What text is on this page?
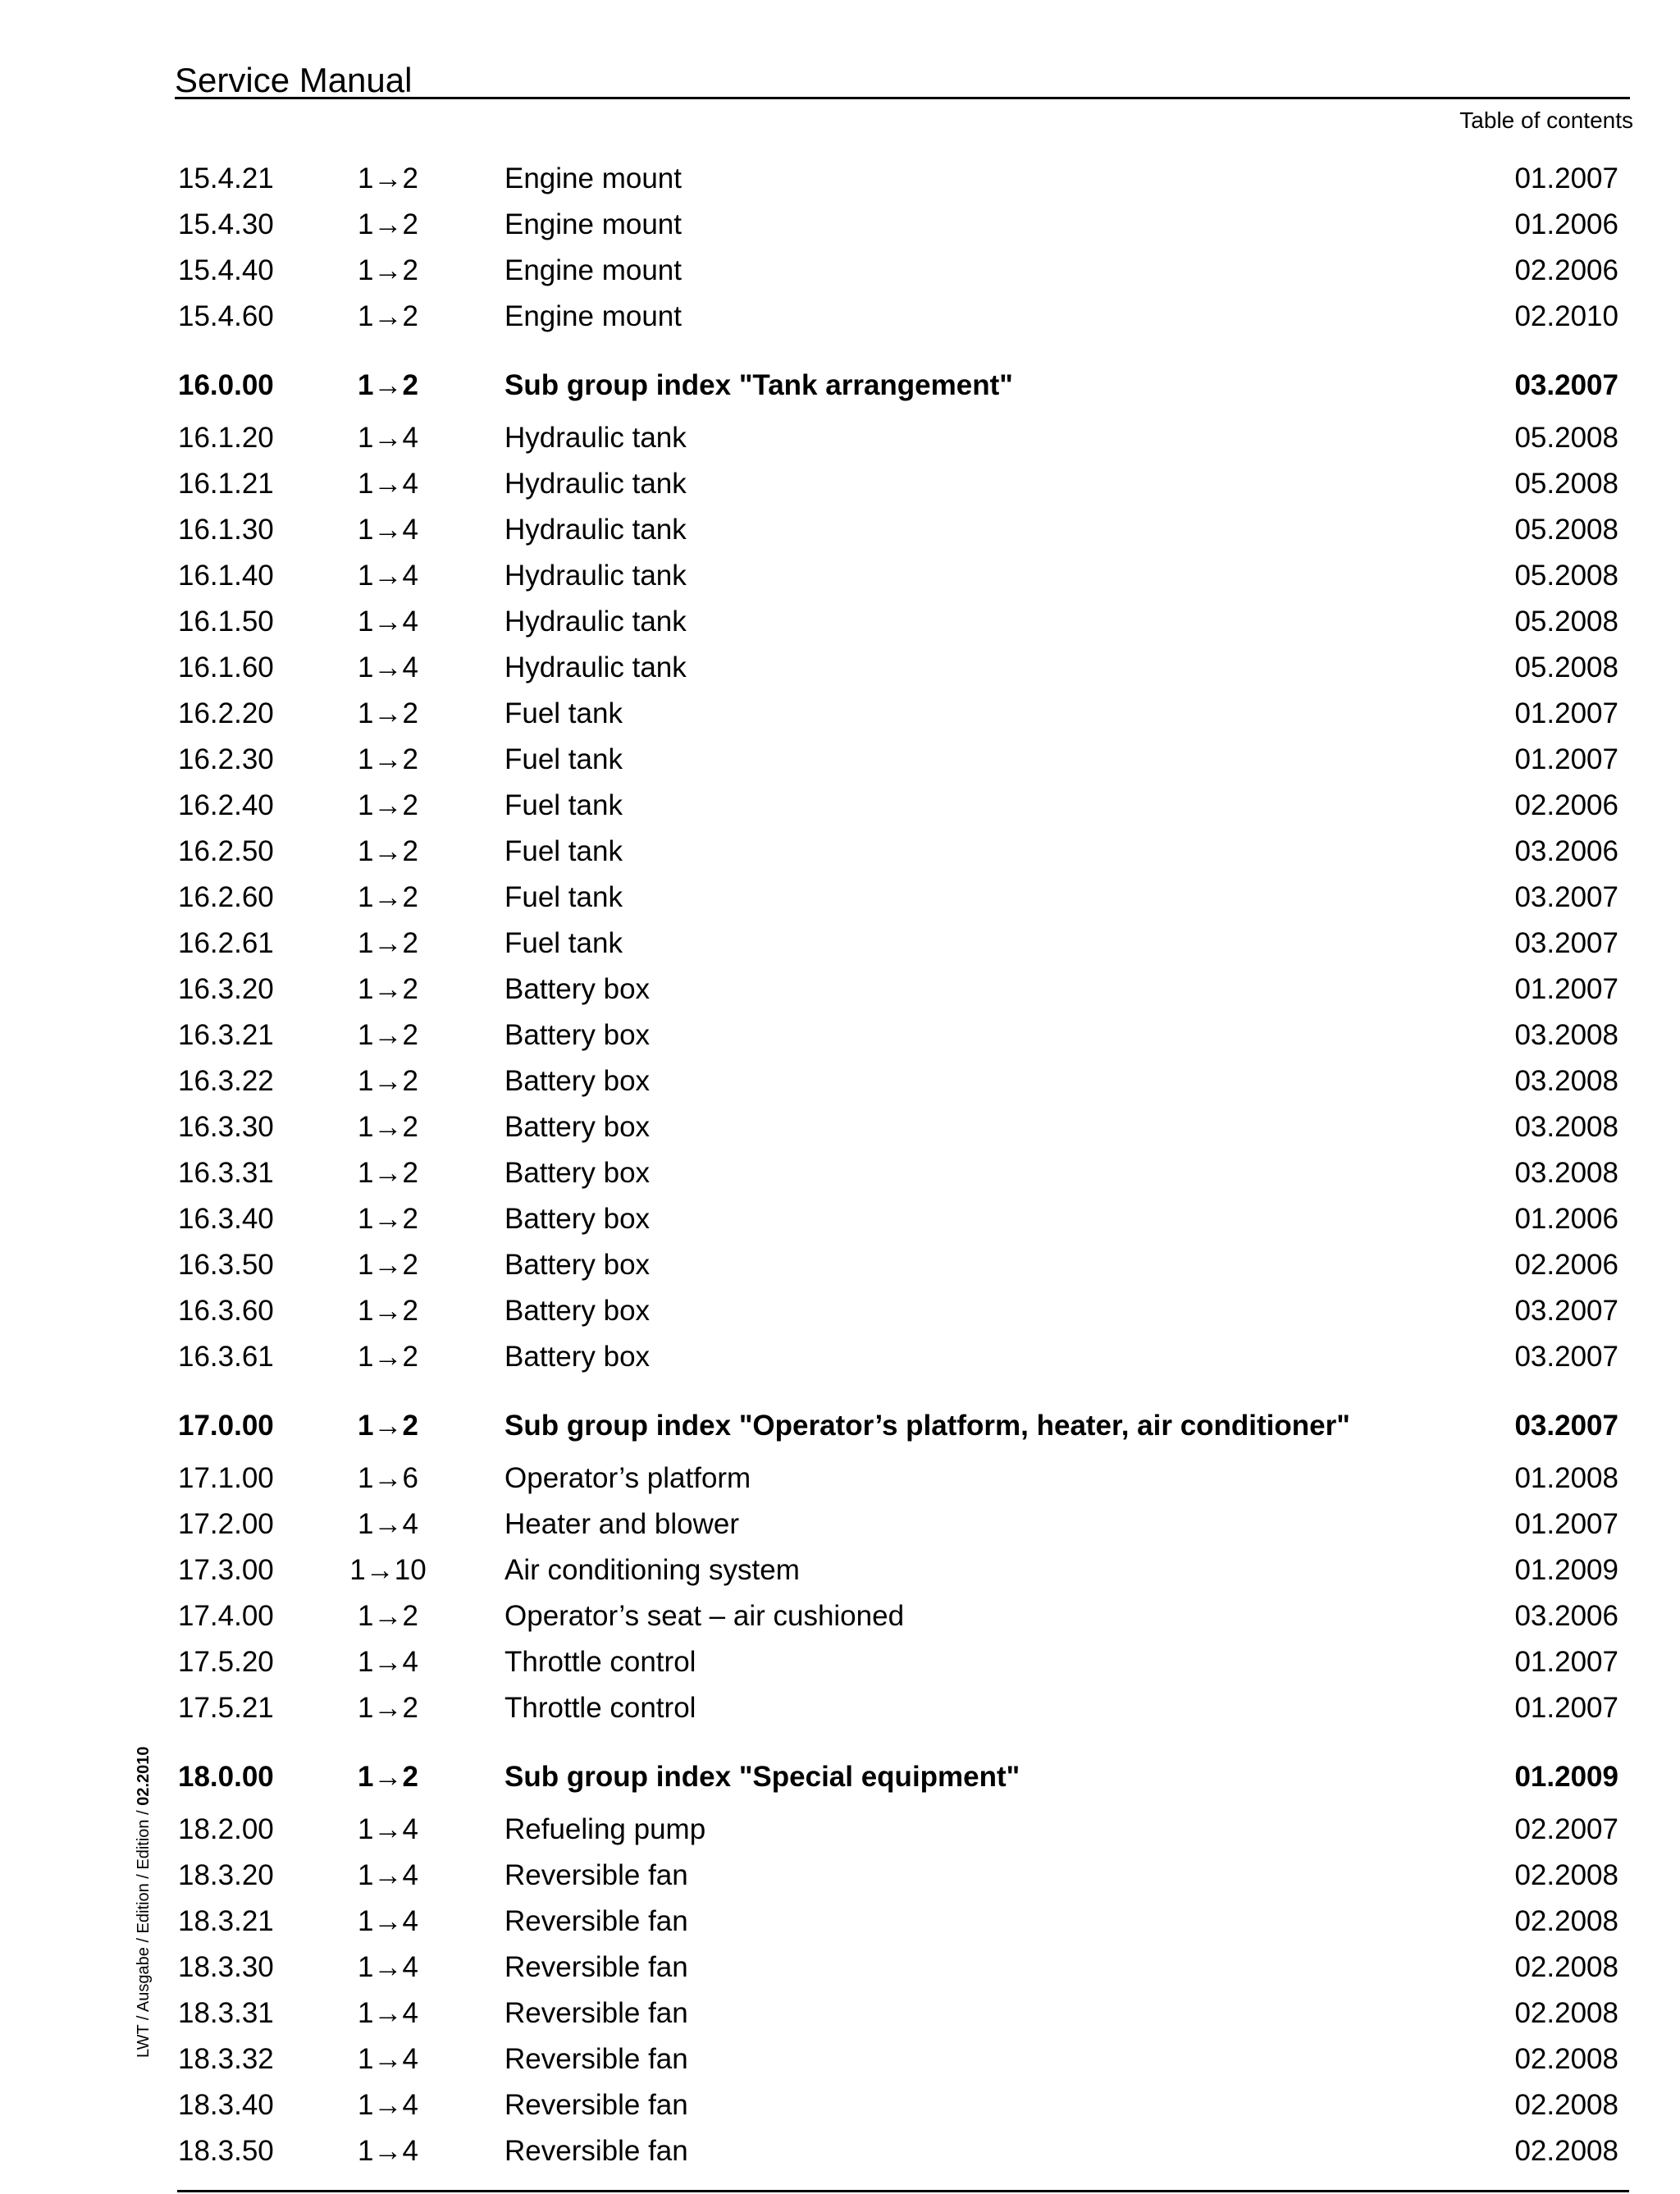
Service Manual
Table of contents
15.4.21	1→2	Engine mount	01.2007
15.4.30	1→2	Engine mount	01.2006
15.4.40	1→2	Engine mount	02.2006
15.4.60	1→2	Engine mount	02.2010
16.0.00	1→2	Sub group index "Tank arrangement"	03.2007
16.1.20	1→4	Hydraulic tank	05.2008
16.1.21	1→4	Hydraulic tank	05.2008
16.1.30	1→4	Hydraulic tank	05.2008
16.1.40	1→4	Hydraulic tank	05.2008
16.1.50	1→4	Hydraulic tank	05.2008
16.1.60	1→4	Hydraulic tank	05.2008
16.2.20	1→2	Fuel tank	01.2007
16.2.30	1→2	Fuel tank	01.2007
16.2.40	1→2	Fuel tank	02.2006
16.2.50	1→2	Fuel tank	03.2006
16.2.60	1→2	Fuel tank	03.2007
16.2.61	1→2	Fuel tank	03.2007
16.3.20	1→2	Battery box	01.2007
16.3.21	1→2	Battery box	03.2008
16.3.22	1→2	Battery box	03.2008
16.3.30	1→2	Battery box	03.2008
16.3.31	1→2	Battery box	03.2008
16.3.40	1→2	Battery box	01.2006
16.3.50	1→2	Battery box	02.2006
16.3.60	1→2	Battery box	03.2007
16.3.61	1→2	Battery box	03.2007
17.0.00	1→2	Sub group index "Operator’s platform, heater, air conditioner"	03.2007
17.1.00	1→6	Operator’s platform	01.2008
17.2.00	1→4	Heater and blower	01.2007
17.3.00	1→10	Air conditioning system	01.2009
17.4.00	1→2	Operator’s seat – air cushioned	03.2006
17.5.20	1→4	Throttle control	01.2007
17.5.21	1→2	Throttle control	01.2007
18.0.00	1→2	Sub group index "Special equipment"	01.2009
18.2.00	1→4	Refueling pump	02.2007
18.3.20	1→4	Reversible fan	02.2008
18.3.21	1→4	Reversible fan	02.2008
18.3.30	1→4	Reversible fan	02.2008
18.3.31	1→4	Reversible fan	02.2008
18.3.32	1→4	Reversible fan	02.2008
18.3.40	1→4	Reversible fan	02.2008
18.3.50	1→4	Reversible fan	02.2008
LWT / Ausgabe / Edition / Edition / 02.2010
